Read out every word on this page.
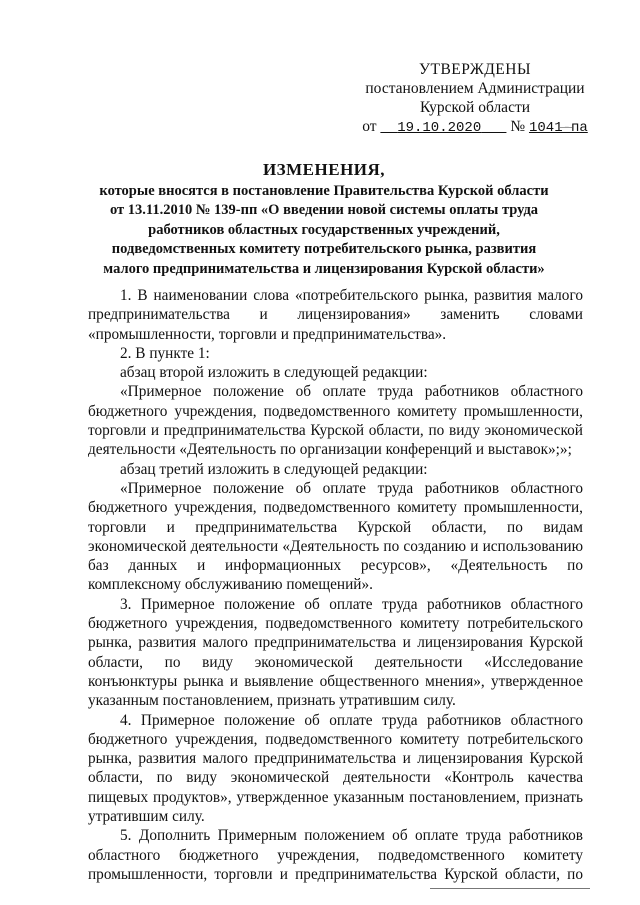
УТВЕРЖДЕНЫ
постановлением Администрации
Курской области
от 19.10.2020 № 1041-па
ИЗМЕНЕНИЯ,
которые вносятся в постановление Правительства Курской области
от 13.11.2010 № 139-пп «О введении новой системы оплаты труда
работников областных государственных учреждений,
подведомственных комитету потребительского рынка, развития
малого предпринимательства и лицензирования Курской области»

1. В наименовании слова «потребительского рынка, развития малого предпринимательства и лицензирования» заменить словами «промышленности, торговли и предпринимательства».

2. В пункте 1:

абзац второй изложить в следующей редакции:

«Примерное положение об оплате труда работников областного бюджетного учреждения, подведомственного комитету промышленности, торговли и предпринимательства Курской области, по виду экономической деятельности «Деятельность по организации конференций и выставок»;»;

абзац третий изложить в следующей редакции:

«Примерное положение об оплате труда работников областного бюджетного учреждения, подведомственного комитету промышленности, торговли и предпринимательства Курской области, по видам экономической деятельности «Деятельность по созданию и использованию баз данных и информационных ресурсов», «Деятельность по комплексному обслуживанию помещений».

3. Примерное положение об оплате труда работников областного бюджетного учреждения, подведомственного комитету потребительского рынка, развития малого предпринимательства и лицензирования Курской области, по виду экономической деятельности «Исследование конъюнктуры рынка и выявление общественного мнения», утвержденное указанным постановлением, признать утратившим силу.

4. Примерное положение об оплате труда работников областного бюджетного учреждения, подведомственного комитету потребительского рынка, развития малого предпринимательства и лицензирования Курской области, по виду экономической деятельности «Контроль качества пищевых продуктов», утвержденное указанным постановлением, признать утратившим силу.

5. Дополнить Примерным положением об оплате труда работников областного бюджетного учреждения, подведомственного комитету промышленности, торговли и предпринимательства Курской области, по
